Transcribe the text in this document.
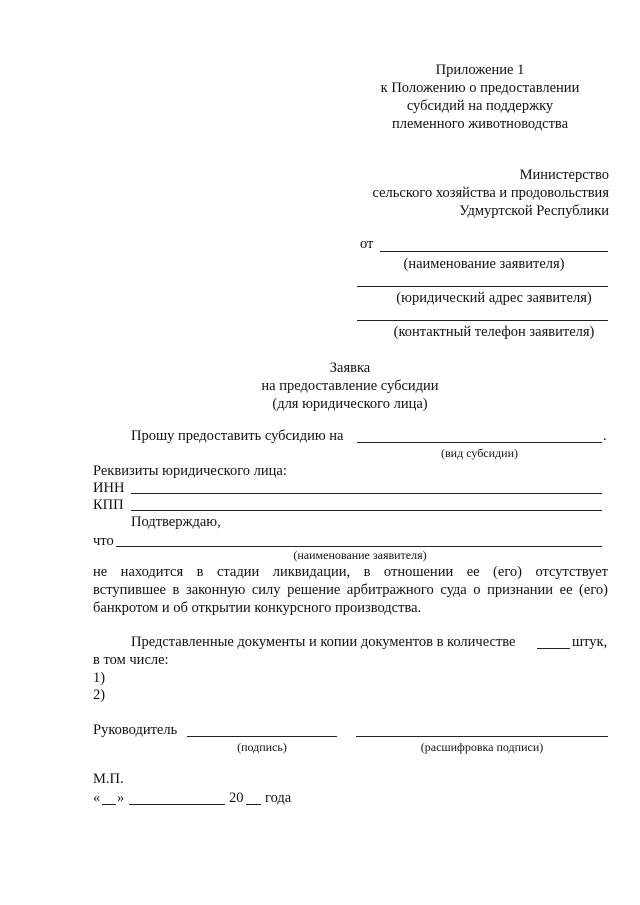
Приложение 1
к Положению о предоставлении
субсидий на поддержку
племенного животноводства
Министерство
сельского хозяйства и продовольствия
Удмуртской Республики
от
(наименование заявителя)
(юридический адрес заявителя)
(контактный телефон заявителя)
Заявка
на предоставление субсидии
(для юридического лица)
Прошу предоставить субсидию на	.
(вид субсидии)
Реквизиты юридического лица:
ИНН
КПП
Подтверждаю,
что
(наименование заявителя)
не находится в стадии ликвидации, в отношении ее (его) отсутствует
вступившее в законную силу решение арбитражного суда о признании ее (его)
банкротом и об открытии конкурсного производства.
Представленные документы и копии документов в количестве	штук,
в том числе:
1)
2)
Руководитель
(подпись)	(расшифровка подписи)
М.П.
« »	20 года
